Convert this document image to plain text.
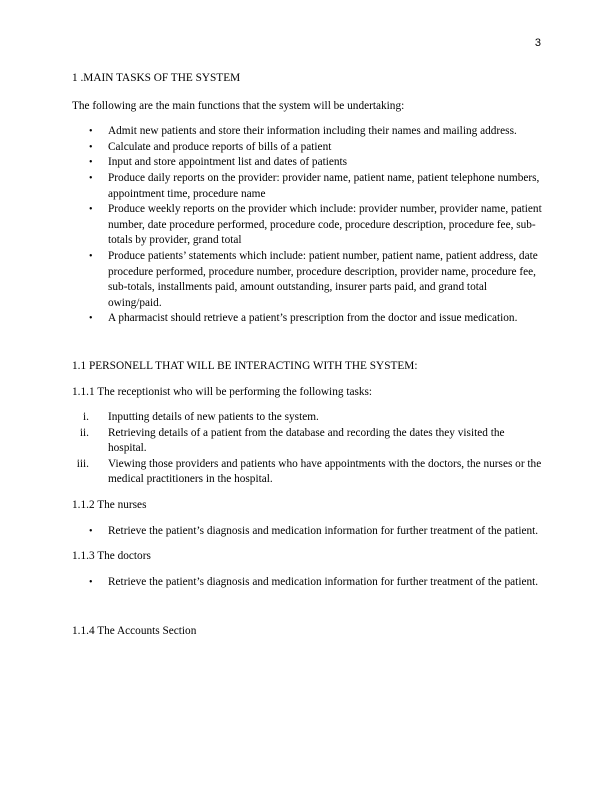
3

1 .MAIN TASKS OF THE SYSTEM

The following are the main functions that the system will be undertaking:

• Admit new patients and store their information including their names and mailing address.
• Calculate and produce reports of bills of a patient
• Input and store appointment list and dates of patients
• Produce daily reports on the provider: provider name, patient name, patient telephone numbers, appointment time, procedure name
• Produce weekly reports on the provider which include: provider number, provider name, patient number, date procedure performed, procedure code, procedure description, procedure fee, sub-totals by provider, grand total
• Produce patients’ statements which include: patient number, patient name, patient address, date procedure performed, procedure number, procedure description, provider name, procedure fee, sub-totals, installments paid, amount outstanding, insurer parts paid, and grand total owing/paid.
• A pharmacist should retrieve a patient’s prescription from the doctor and issue medication.

1.1 PERSONELL THAT WILL BE INTERACTING WITH THE SYSTEM:

1.1.1 The receptionist who will be performing the following tasks:

i. Inputting details of new patients to the system.
ii. Retrieving details of a patient from the database and recording the dates they visited the hospital.
iii. Viewing those providers and patients who have appointments with the doctors, the nurses or the medical practitioners in the hospital.

1.1.2 The nurses

• Retrieve the patient’s diagnosis and medication information for further treatment of the patient.

1.1.3 The doctors

• Retrieve the patient’s diagnosis and medication information for further treatment of the patient.

1.1.4 The Accounts Section
